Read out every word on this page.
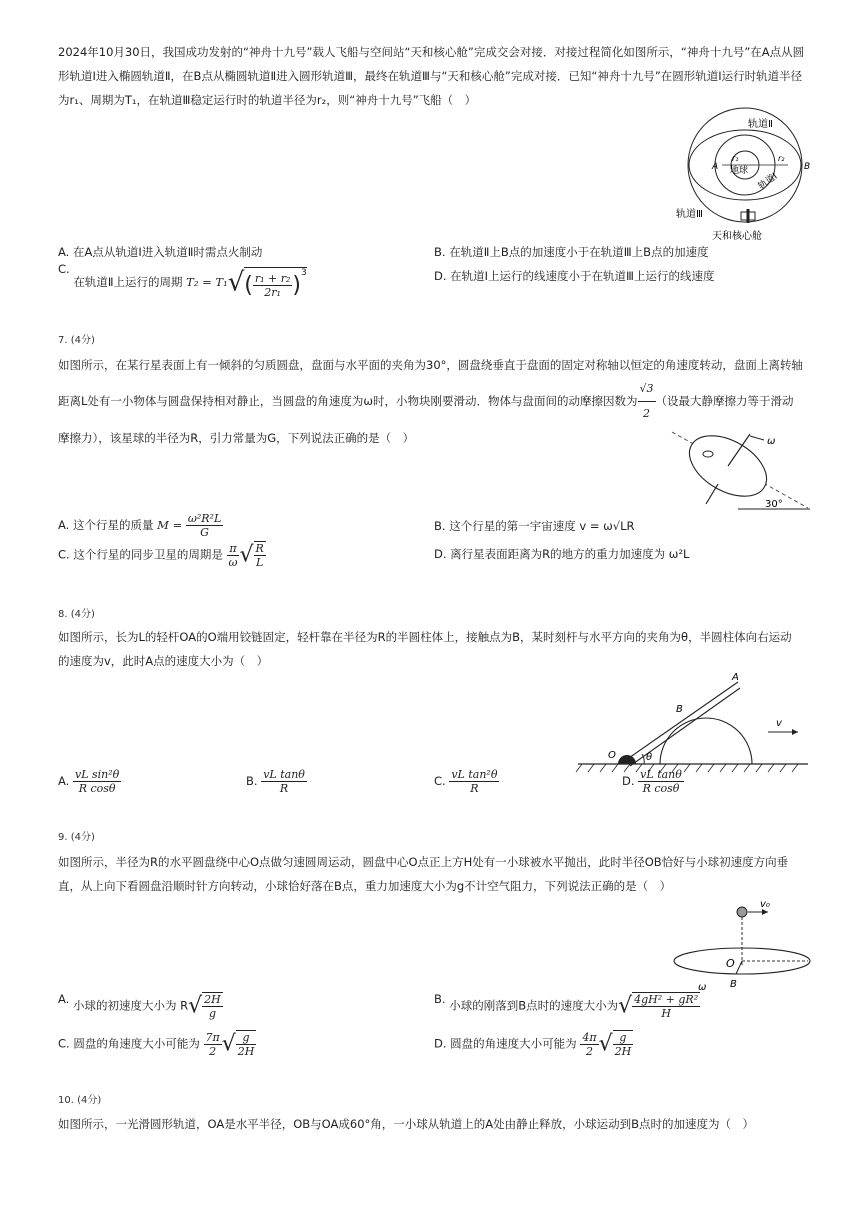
2024年10月30日，我国成功发射的“神舟十九号”载人飞船与空间站“天和核心舱”完成交会对接．对接过程简化如图所示，“神舟十九号”在A点从圆形轨道Ⅰ进入椭圆轨道Ⅱ，在B点从椭圆轨道Ⅱ进入圆形轨道Ⅲ，最终在轨道Ⅲ与“天和核心舱”完成对接．已知“神舟十九号”在圆形轨道Ⅰ运行时轨道半径为r₁、周期为T₁，在轨道Ⅲ稳定运行时的轨道半径为r₂，则“神舟十九号”飞船（　）
地球
轨道Ⅱ
轨道Ⅰ
A	B
r₁	r₂
轨道Ⅲ
天和核心舱
A. 在A点从轨道Ⅰ进入轨道Ⅱ时需点火制动	B. 在轨道Ⅱ上B点的加速度小于在轨道Ⅲ上B点的加速度
C. 在轨道Ⅱ上运行的周期 $T_2 = T_1√( \frac{\text{r₁ + r₂}}{\text{2r₁}} )^3$	D. 在轨道Ⅰ上运行的线速度小于在轨道Ⅲ上运行的线速度
7. (4分)
如图所示，在某行星表面上有一倾斜的匀质圆盘，盘面与水平面的夹角为30°，圆盘绕垂直于盘面的固定对称轴以恒定的角速度转动，盘面上离转轴
距离L处有一小物体与圆盘保持相对静止，当圆盘的角速度为ω时，小物块刚要滑动．物体与盘面间的动摩擦因数为 $\frac{√3}{2}$ （设最大静摩擦力等于滑动
摩擦力），该星球的半径为R，引力常量为G，下列说法正确的是（　）	ω
30°
A. 这个行星的质量 $M = \frac{\text{ω²R²L}}{G}$	B. 这个行星的第一宇宙速度 v = ω√LR
C. 这个行星的同步卫星的周期是 $\frac{\pi}{\omega}$ √ $\frac{R}{L}$	D. 离行星表面距离为R的地方的重力加速度为 ω²L
8. (4分)
如图所示，长为L的轻杆OA的O端用铰链固定，轻杆靠在半径为R的半圆柱体上，接触点为B，某时刻杆与水平方向的夹角为θ，半圆柱体向右运动
的速度为v，此时A点的速度大小为（　）
A
B
O	θ
v
A. $\frac{\text{vL sin²θ}}{\text{R cosθ}}$	B. $\frac{\text{vL tanθ}}{R}$	C. $\frac{\text{vL tan²θ}}{R}$	D. $\frac{\text{vL tanθ}}{\text{R cosθ}}$
9. (4分)
如图所示，半径为R的水平圆盘绕中心O点做匀速圆周运动，圆盘中心O点正上方H处有一小球被水平抛出，此时半径OB恰好与小球初速度方向垂
直，从上向下看圆盘沿顺时针方向转动，小球恰好落在B点，重力加速度大小为g不计空气阻力，下列说法正确的是（　）
v₀
O
B
ω
A. 小球的初速度大小为 $R√ \frac{2H}{g}$	B. 小球的刚落到B点时的速度大小为√ $\frac{\text{4gH² + gR²}}{H}$
C. 圆盘的角速度大小可能为 $\frac{7\pi}{2}$ √ $\frac{g}{2H}$	D. 圆盘的角速度大小可能为 $\frac{4\pi}{2}$ √ $\frac{g}{2H}$
10. (4分)
如图所示，一光滑圆形轨道，OA是水平半径，OB与OA成60°角，一小球从轨道上的A处由静止释放，小球运动到B点时的加速度为（　）
